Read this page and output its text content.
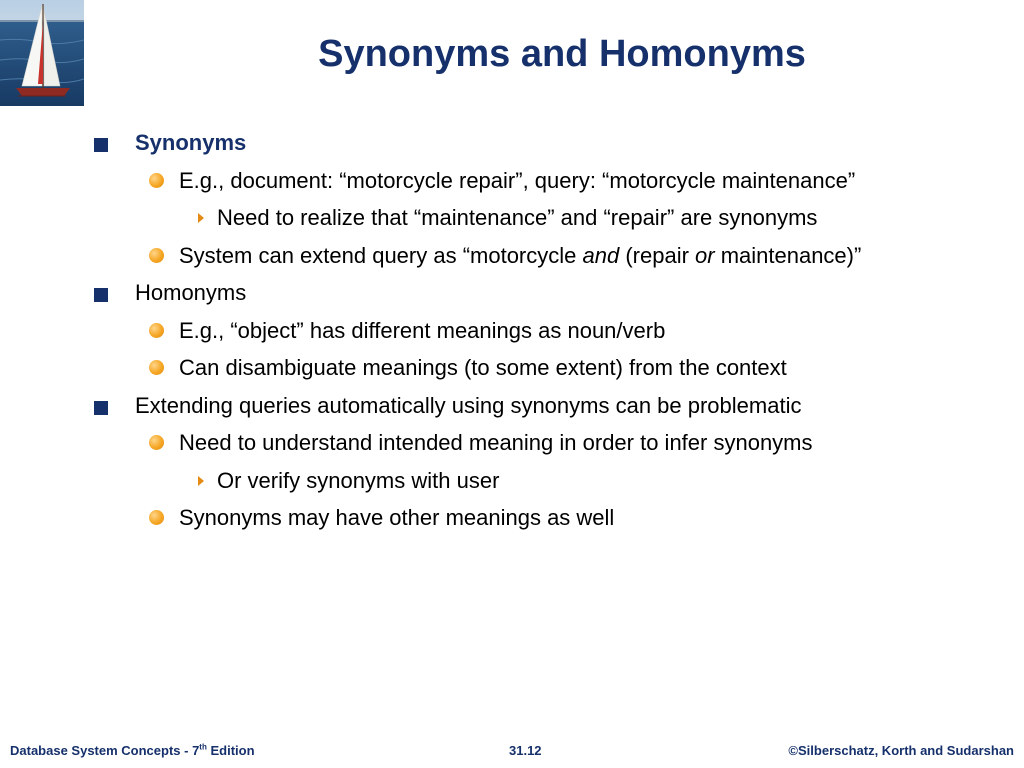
Synonyms and Homonyms
Synonyms
E.g., document: “motorcycle repair”, query: “motorcycle maintenance”
Need to realize that “maintenance” and “repair” are synonyms
System can extend query as “motorcycle and (repair or maintenance)”
Homonyms
E.g., “object” has different meanings as noun/verb
Can disambiguate meanings (to some extent) from the context
Extending queries automatically using synonyms can be problematic
Need to understand intended meaning in order to infer synonyms
Or verify synonyms with user
Synonyms may have other meanings as well
Database System Concepts - 7th Edition	31.12	©Silberschatz, Korth and Sudarshan
